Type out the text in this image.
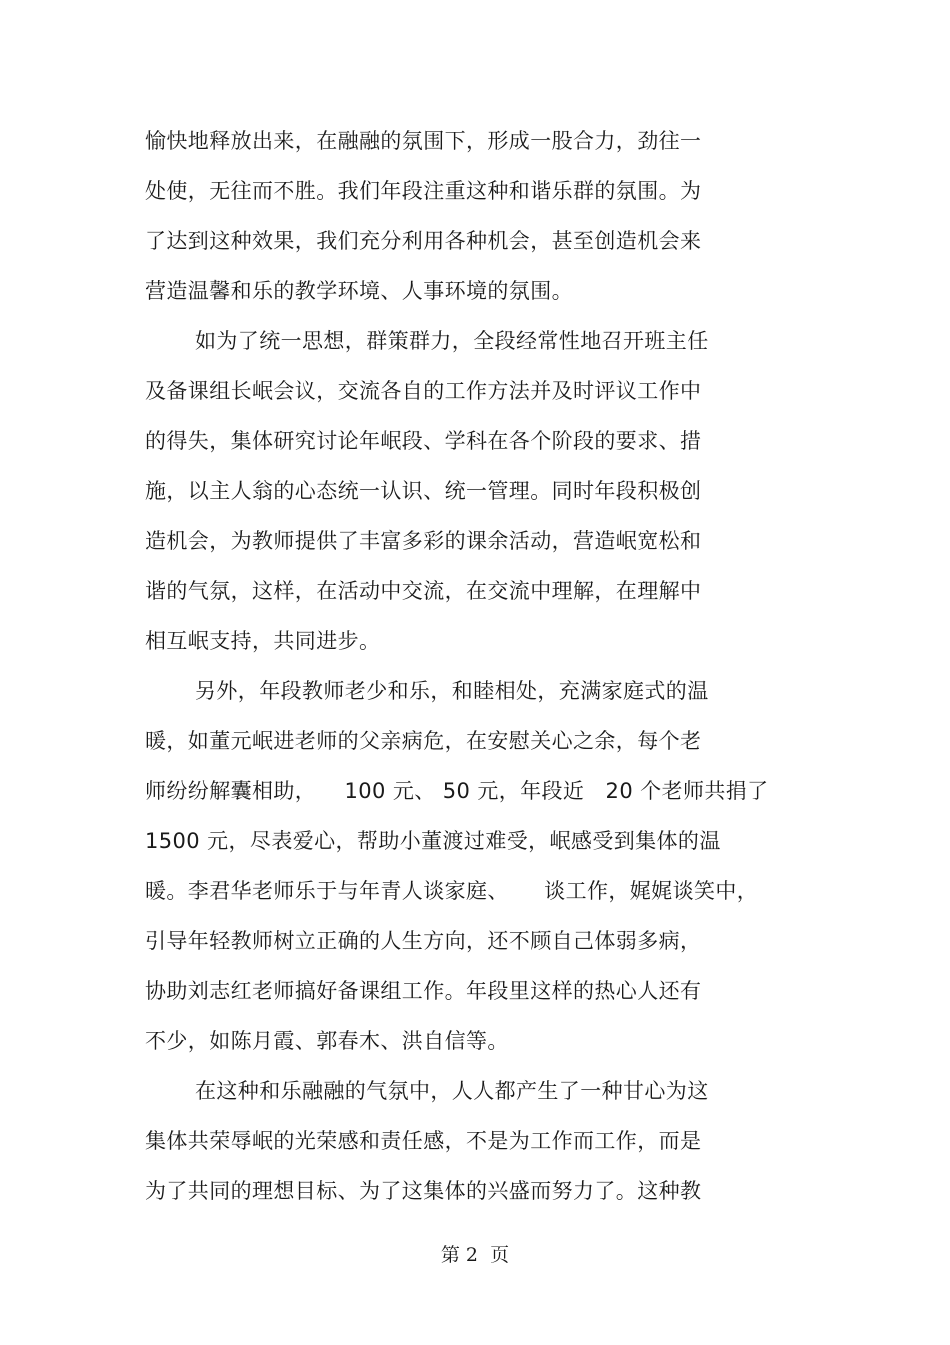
愉快地释放出来，在融融的氛围下，形成一股合力，劲往一
处使，无往而不胜。我们年段注重这种和谐乐群的氛围。为
了达到这种效果，我们充分利用各种机会，甚至创造机会来
营造温馨和乐的教学环境、人事环境的氛围。
如为了统一思想，群策群力，全段经常性地召开班主任
及备课组长岷会议，交流各自的工作方法并及时评议工作中
的得失，集体研究讨论年岷段、学科在各个阶段的要求、措
施，以主人翁的心态统一认识、统一管理。同时年段积极创
造机会，为教师提供了丰富多彩的课余活动，营造岷宽松和
谐的气氛，这样，在活动中交流，在交流中理解，在理解中
相互岷支持，共同进步。
另外，年段教师老少和乐，和睦相处，充满家庭式的温
暖，如董元岷进老师的父亲病危，在安慰关心之余，每个老
师纷纷解囊相助，    100 元、 50 元，年段近   20 个老师共捐了
1500 元，尽表爱心，帮助小董渡过难受，岷感受到集体的温
暖。李君华老师乐于与年青人谈家庭、     谈工作，娓娓谈笑中，
引导年轻教师树立正确的人生方向，还不顾自己体弱多病，
协助刘志红老师搞好备课组工作。年段里这样的热心人还有
不少，如陈月霞、郭春木、洪自信等。
在这种和乐融融的气氛中，人人都产生了一种甘心为这
集体共荣辱岷的光荣感和责任感，不是为工作而工作，而是
为了共同的理想目标、为了这集体的兴盛而努力了。这种教
第 2  页
